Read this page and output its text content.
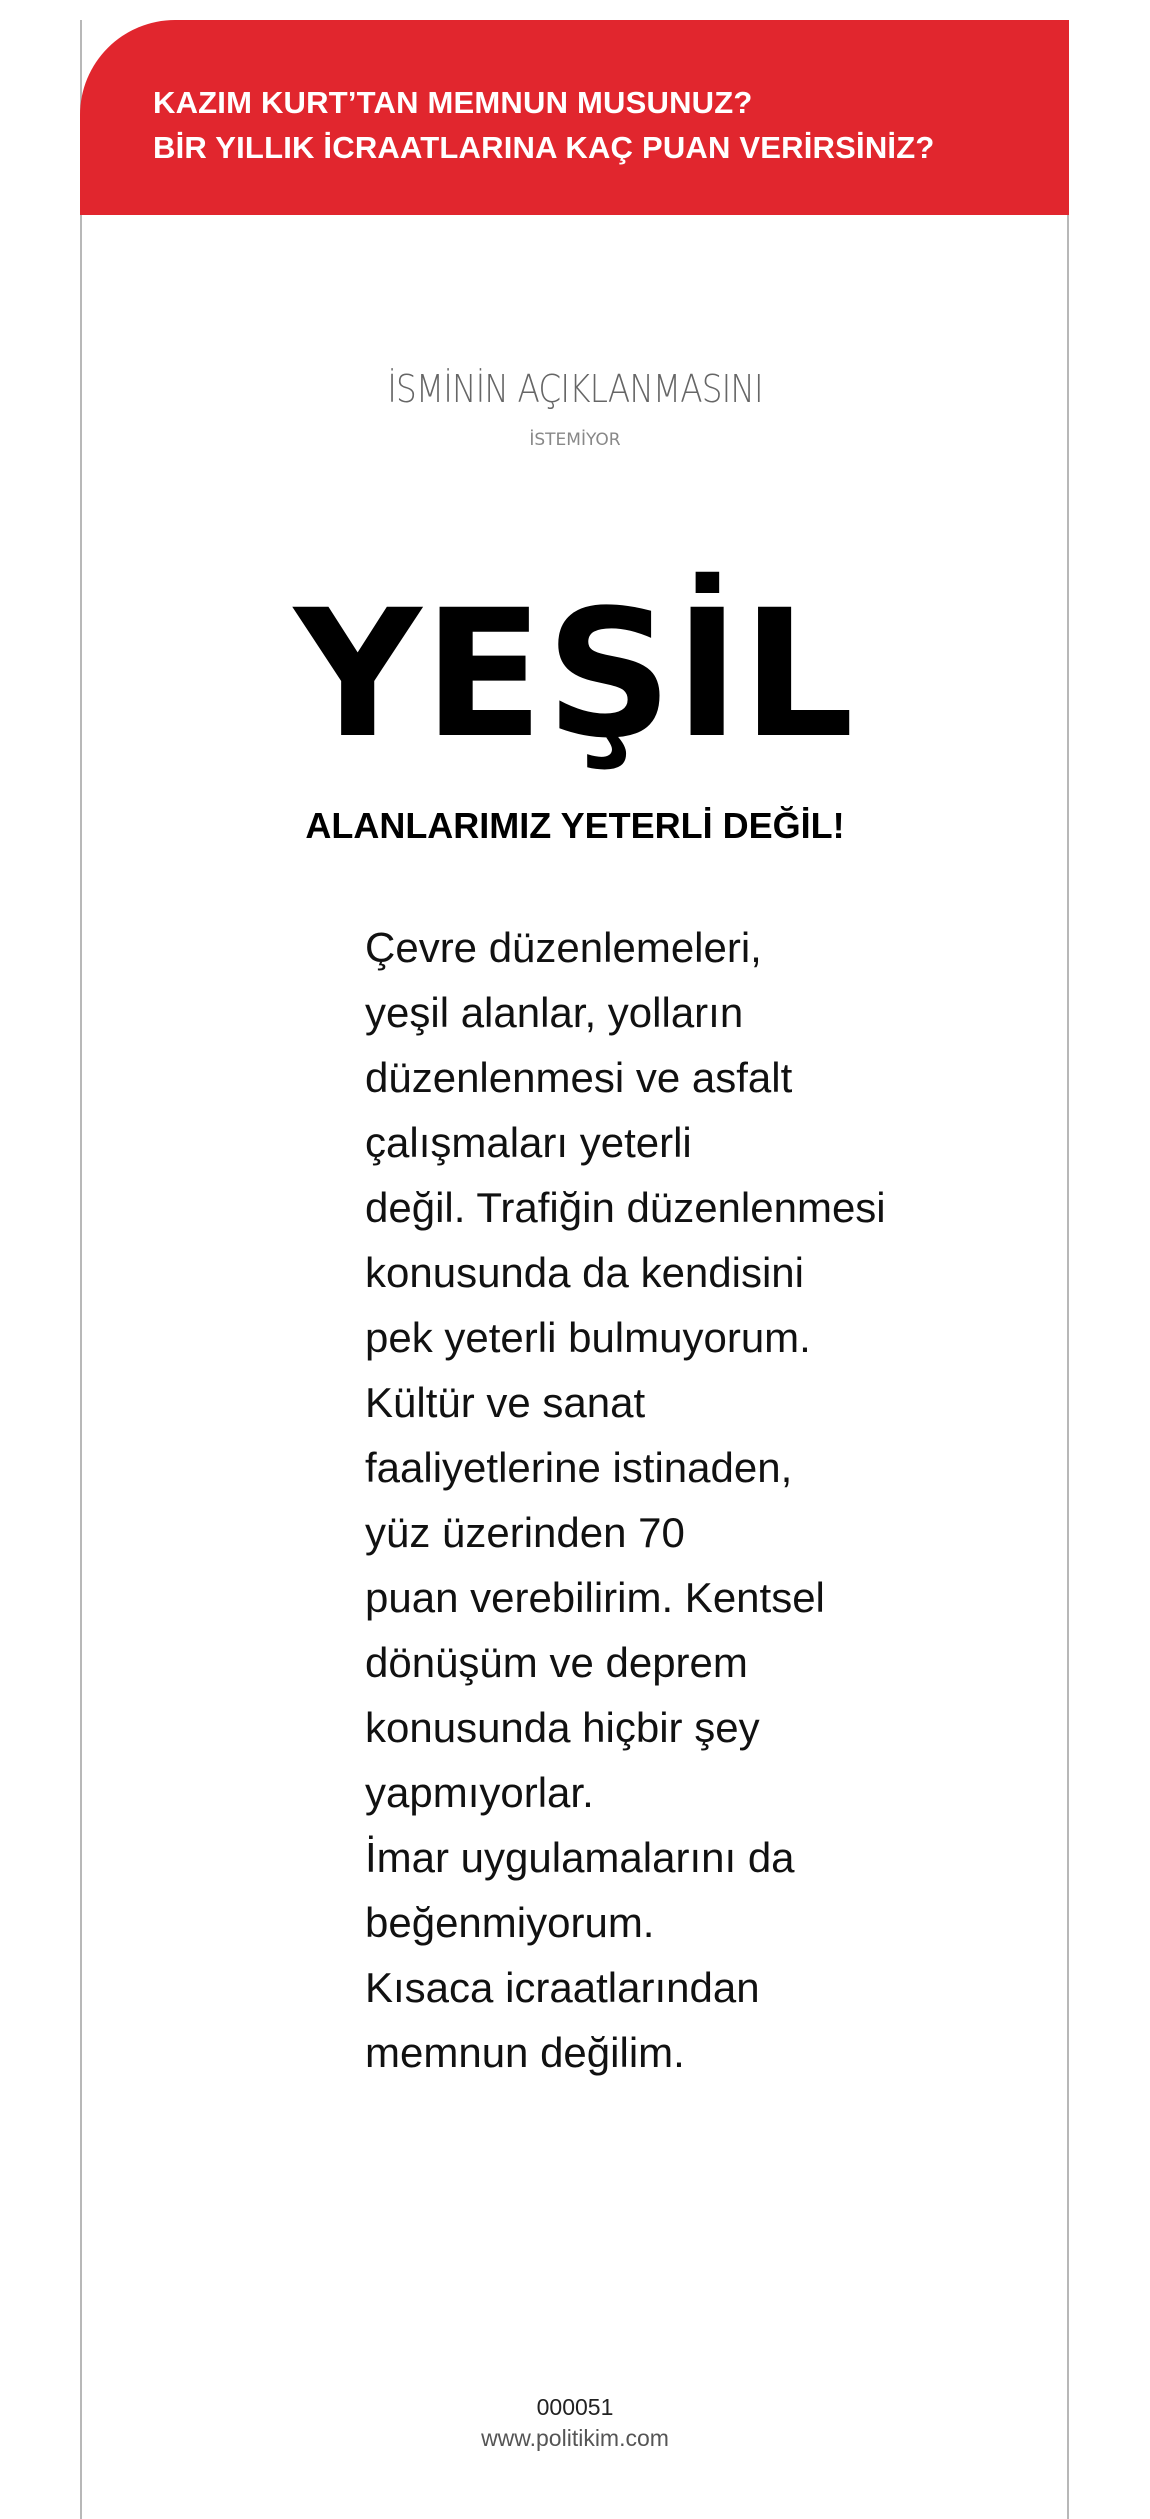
KAZIM KURT’TAN MEMNUN MUSUNUZ?
BİR YILLIK İCRAATLARINA KAÇ PUAN VERİRSİNİZ?
İSMİNİN AÇIKLANMASINI
İSTEMİYOR
YEŞİL
ALANLARIMIZ YETERLİ DEĞİL!
Çevre düzenlemeleri,
yeşil alanlar, yolların
düzenlenmesi ve asfalt
çalışmaları yeterli
değil. Trafiğin düzenlenmesi
konusunda da kendisini
pek yeterli bulmuyorum.
Kültür ve sanat
faaliyetlerine istinaden,
yüz üzerinden 70
puan verebilirim. Kentsel
dönüşüm ve deprem
konusunda hiçbir şey
yapmıyorlar.
İmar uygulamalarını da
beğenmiyorum.
Kısaca icraatlarından
memnun değilim.
000051
www.politikim.com
